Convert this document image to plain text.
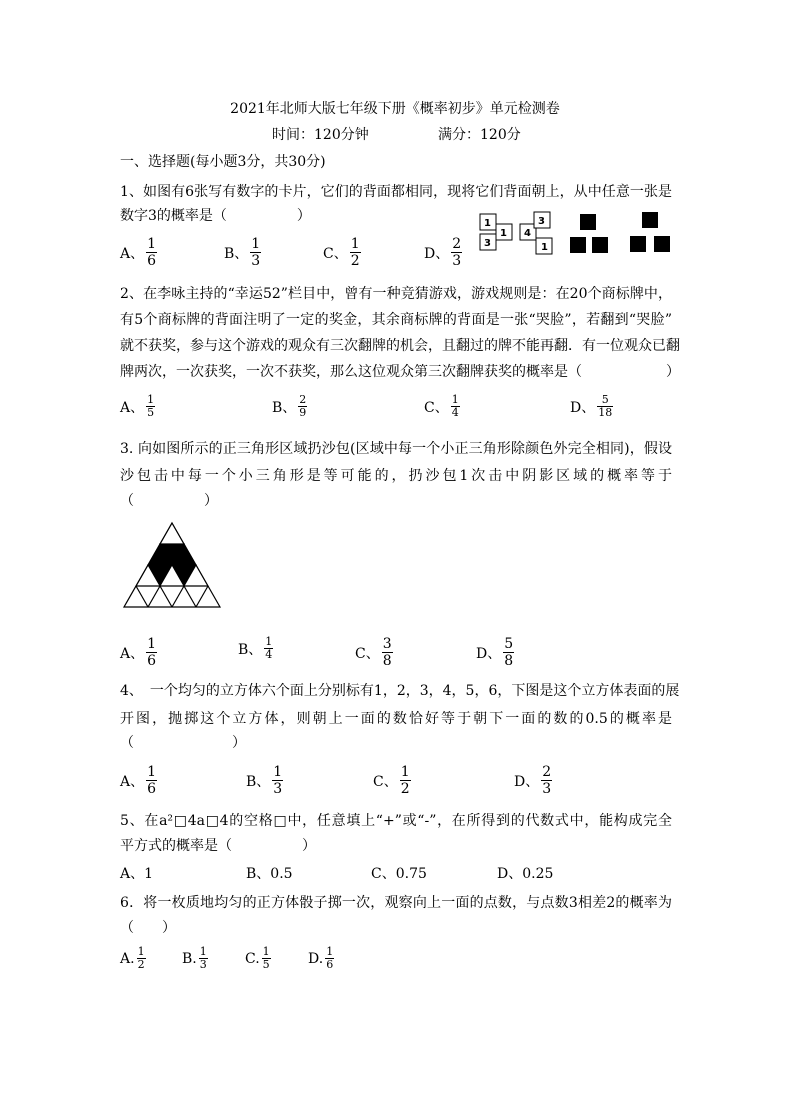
2021年北师大版七年级下册《概率初步》单元检测卷
时间：120分钟	满分：120分
一、选择题(每小题3分，共30分)
1、如图有6张写有数字的卡片，它们的背面都相同，现将它们背面朝上，从中任意一张是
数字3的概率是（　　　　　）
A、 $\frac{1}{6}$	B、 $\frac{1}{3}$	C、 $\frac{1}{2}$	D、 $\frac{2}{3}$
1
3
1 4
3
1
2、在李咏主持的“幸运52”栏目中，曾有一种竞猜游戏，游戏规则是：在20个商标牌中，
有5个商标牌的背面注明了一定的奖金，其余商标牌的背面是一张“哭脸”，若翻到“哭脸”
就不获奖，参与这个游戏的观众有三次翻牌的机会，且翻过的牌不能再翻．有一位观众已翻
牌两次，一次获奖，一次不获奖，那么这位观众第三次翻牌获奖的概率是（　　　　　　）
A、 $\frac{1}{5}$	B、 $\frac{2}{9}$	C、 $\frac{1}{4}$	D、 $\frac{5}{18}$
3. 向如图所示的正三角形区域扔沙包(区域中每一个小正三角形除颜色外完全相同)，假设
沙包击中每一个小三角形是等可能的，扔沙包1次击中阴影区域的概率等于
（　　　　　）
A、 $\frac{1}{6}$	B、 $\frac{1}{4}$	C、 $\frac{3}{8}$	D、 $\frac{5}{8}$
4、　一个均匀的立方体六个面上分别标有1，2，3，4，5，6，下图是这个立方体表面的展
开图，抛掷这个立方体，则朝上一面的数恰好等于朝下一面的数的0.5的概率是
（　　　　　　　）
A、 $\frac{1}{6}$	B、 $\frac{1}{3}$	C、 $\frac{1}{2}$	D、 $\frac{2}{3}$
5、在a²□4a□4的空格□中，任意填上“+”或“-”，在所得到的代数式中，能构成完全
平方式的概率是（　　　　　）
A、1	B、0.5	C、0.75	D、0.25
6．将一枚质地均匀的正方体骰子掷一次，观察向上一面的点数，与点数3相差2的概率为
（　　）
A. $\frac{1}{2}$	B. $\frac{1}{3}$	C. $\frac{1}{5}$	D. $\frac{1}{6}$
